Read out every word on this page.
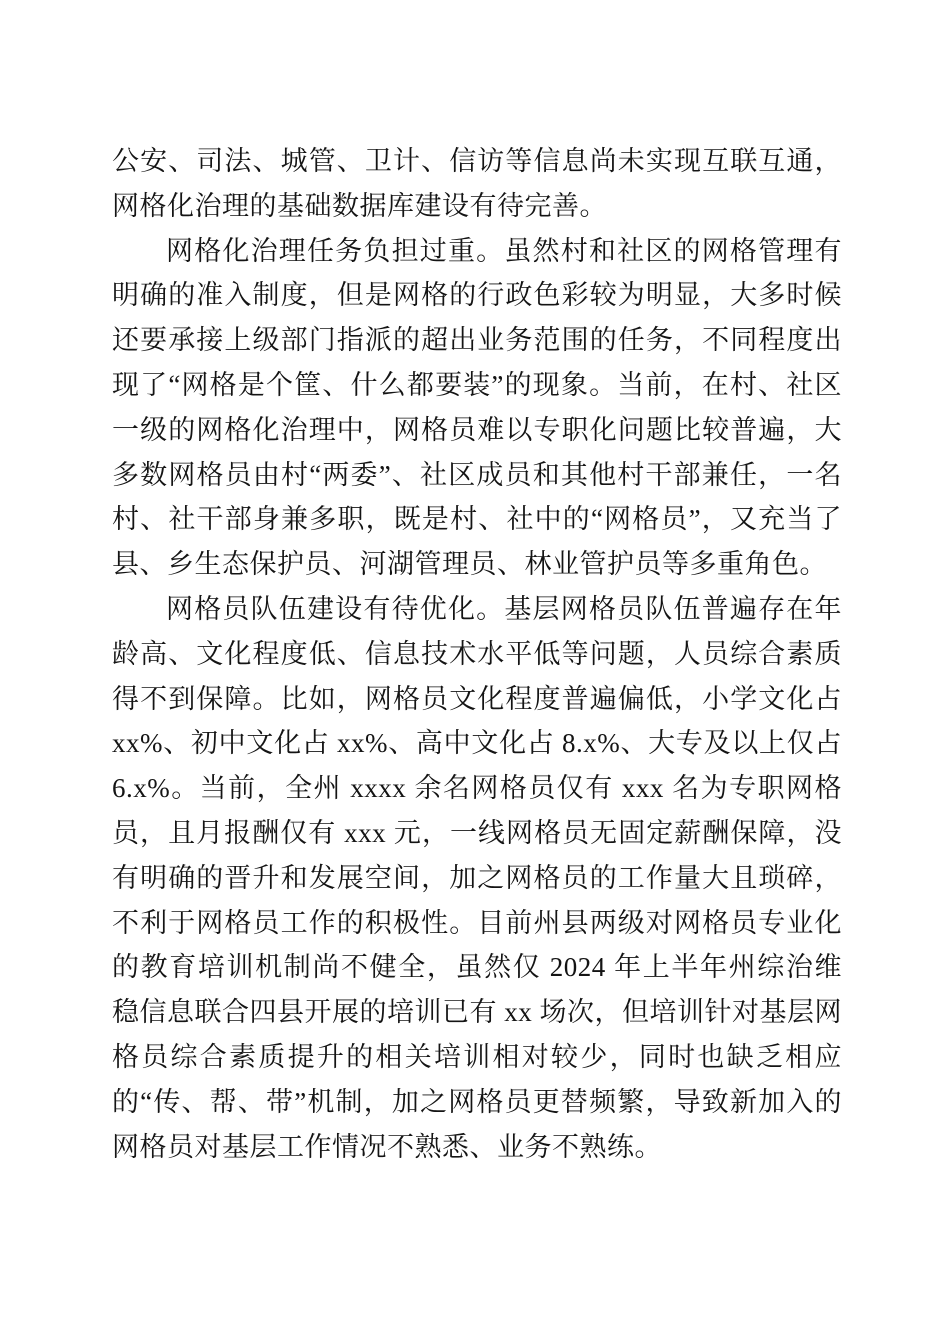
公安、司法、城管、卫计、信访等信息尚未实现互联互通，网格化治理的基础数据库建设有待完善。

网格化治理任务负担过重。虽然村和社区的网格管理有明确的准入制度，但是网格的行政色彩较为明显，大多时候还要承接上级部门指派的超出业务范围的任务，不同程度出现了“网格是个筐、什么都要装”的现象。当前，在村、社区一级的网格化治理中，网格员难以专职化问题比较普遍，大多数网格员由村“两委”、社区成员和其他村干部兼任，一名村、社干部身兼多职，既是村、社中的“网格员”，又充当了县、乡生态保护员、河湖管理员、林业管护员等多重角色。

网格员队伍建设有待优化。基层网格员队伍普遍存在年龄高、文化程度低、信息技术水平低等问题，人员综合素质得不到保障。比如，网格员文化程度普遍偏低，小学文化占 xx%、初中文化占 xx%、高中文化占 8.x%、大专及以上仅占 6.x%。当前，全州 xxxx 余名网格员仅有 xxx 名为专职网格员，且月报酬仅有 xxx 元，一线网格员无固定薪酬保障，没有明确的晋升和发展空间，加之网格员的工作量大且琐碎，不利于网格员工作的积极性。目前州县两级对网格员专业化的教育培训机制尚不健全，虽然仅 2024 年上半年州综治维稳信息联合四县开展的培训已有 xx 场次，但培训针对基层网格员综合素质提升的相关培训相对较少，同时也缺乏相应的“传、帮、带”机制，加之网格员更替频繁，导致新加入的网格员对基层工作情况不熟悉、业务不熟练。
